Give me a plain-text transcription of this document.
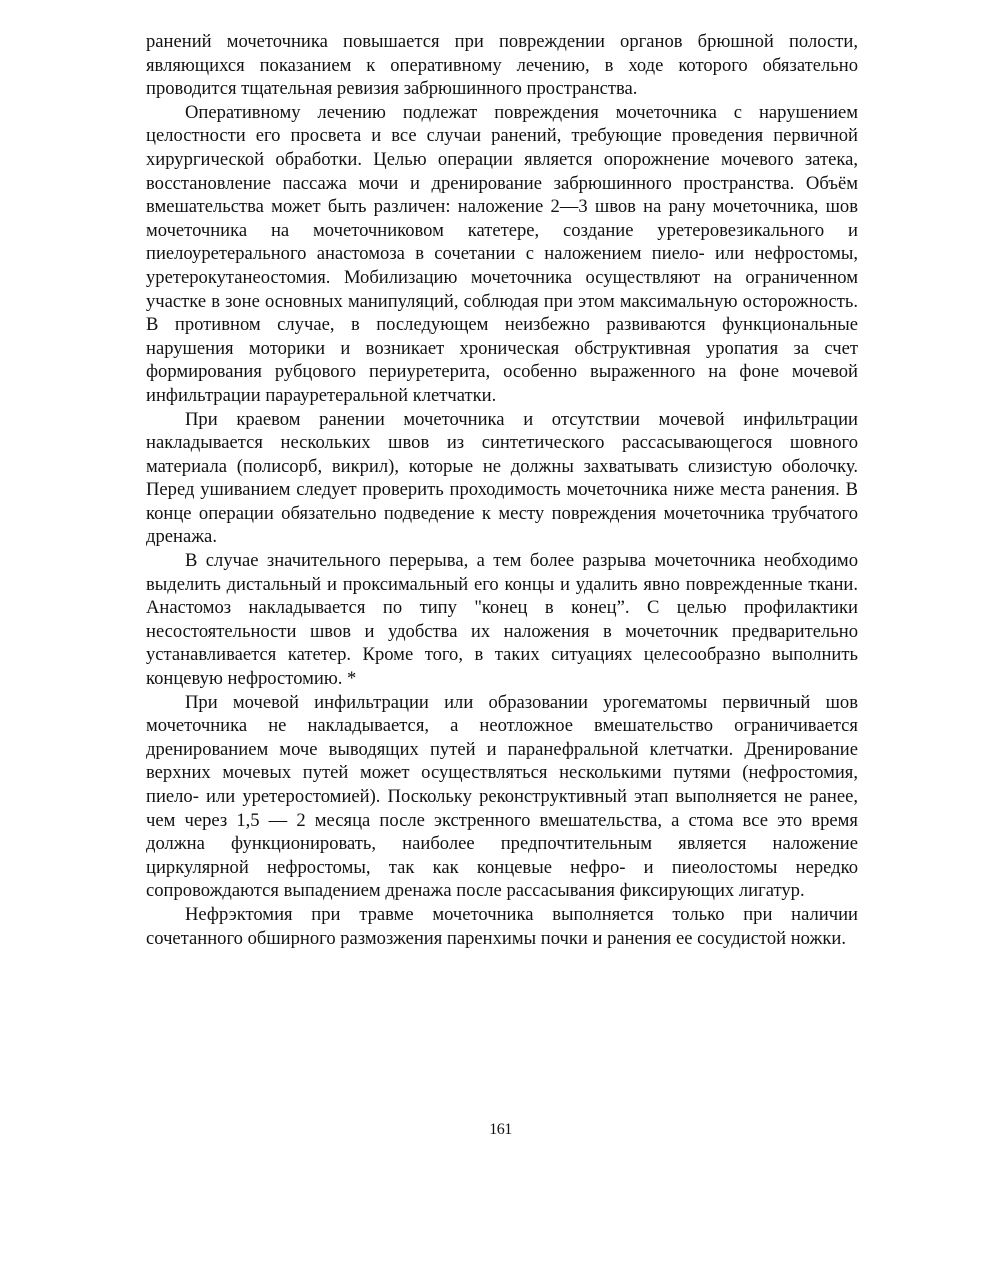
ранений мочеточника повышается при повреждении органов брюшной полости, являющихся показанием к оперативному лечению, в ходе которого обязательно проводится тщательная ревизия забрюшинного пространства.

Оперативному лечению подлежат повреждения мочеточника с нарушением целостности его просвета и все случаи ранений, требующие проведения первичной хирургической обработки. Целью операции является опорожнение мочевого затека, восстановление пассажа мочи и дренирование забрюшинного пространства. Объём вмешательства может быть различен: наложение 2—3 швов на рану мочеточника, шов мочеточника на мочеточниковом катетере, создание уретеровезикального и пиелоуретерального анастомоза в сочетании с наложением пиело- или нефростомы, уретерокутанеостомия. Мобилизацию мочеточника осуществляют на ограниченном участке в зоне основных манипуляций, соблюдая при этом максимальную осторожность. В противном случае, в последующем неизбежно развиваются функциональные нарушения моторики и возникает хроническая обструктивная уропатия за счет формирования рубцового периуретерита, особенно выраженного на фоне мочевой инфильтрации парауретеральной клетчатки.

При краевом ранении мочеточника и отсутствии мочевой инфильтрации накладывается нескольких швов из синтетического рассасывающегося шовного материала (полисорб, викрил), которые не должны захватывать слизистую оболочку. Перед ушиванием следует проверить проходимость мочеточника ниже места ранения. В конце операции обязательно подведение к месту повреждения мочеточника трубчатого дренажа.

В случае значительного перерыва, а тем более разрыва мочеточника необходимо выделить дистальный и проксимальный его концы и удалить явно поврежденные ткани. Анастомоз накладывается по типу "конец в конец”. С целью профилактики несостоятельности швов и удобства их наложения в мочеточник предварительно устанавливается катетер. Кроме того, в таких ситуациях целесообразно выполнить концевую нефростомию. *

При мочевой инфильтрации или образовании урогематомы первичный шов мочеточника не накладывается, а неотложное вмешательство ограничивается дренированием моче выводящих путей и паранефральной клетчатки. Дренирование верхних мочевых путей может осуществляться несколькими путями (нефростомия, пиело- или уретеростомией). Поскольку реконструктивный этап выполняется не ранее, чем через 1,5 — 2 месяца после экстренного вмешательства, а стома все это время должна функционировать, наиболее предпочтительным является наложение циркулярной нефростомы, так как концевые нефро- и пиеолостомы нередко сопровождаются выпадением дренажа после рассасывания фиксирующих лигатур.

Нефрэктомия при травме мочеточника выполняется только при наличии сочетанного обширного размозжения паренхимы почки и ранения ее сосудистой ножки.

161
